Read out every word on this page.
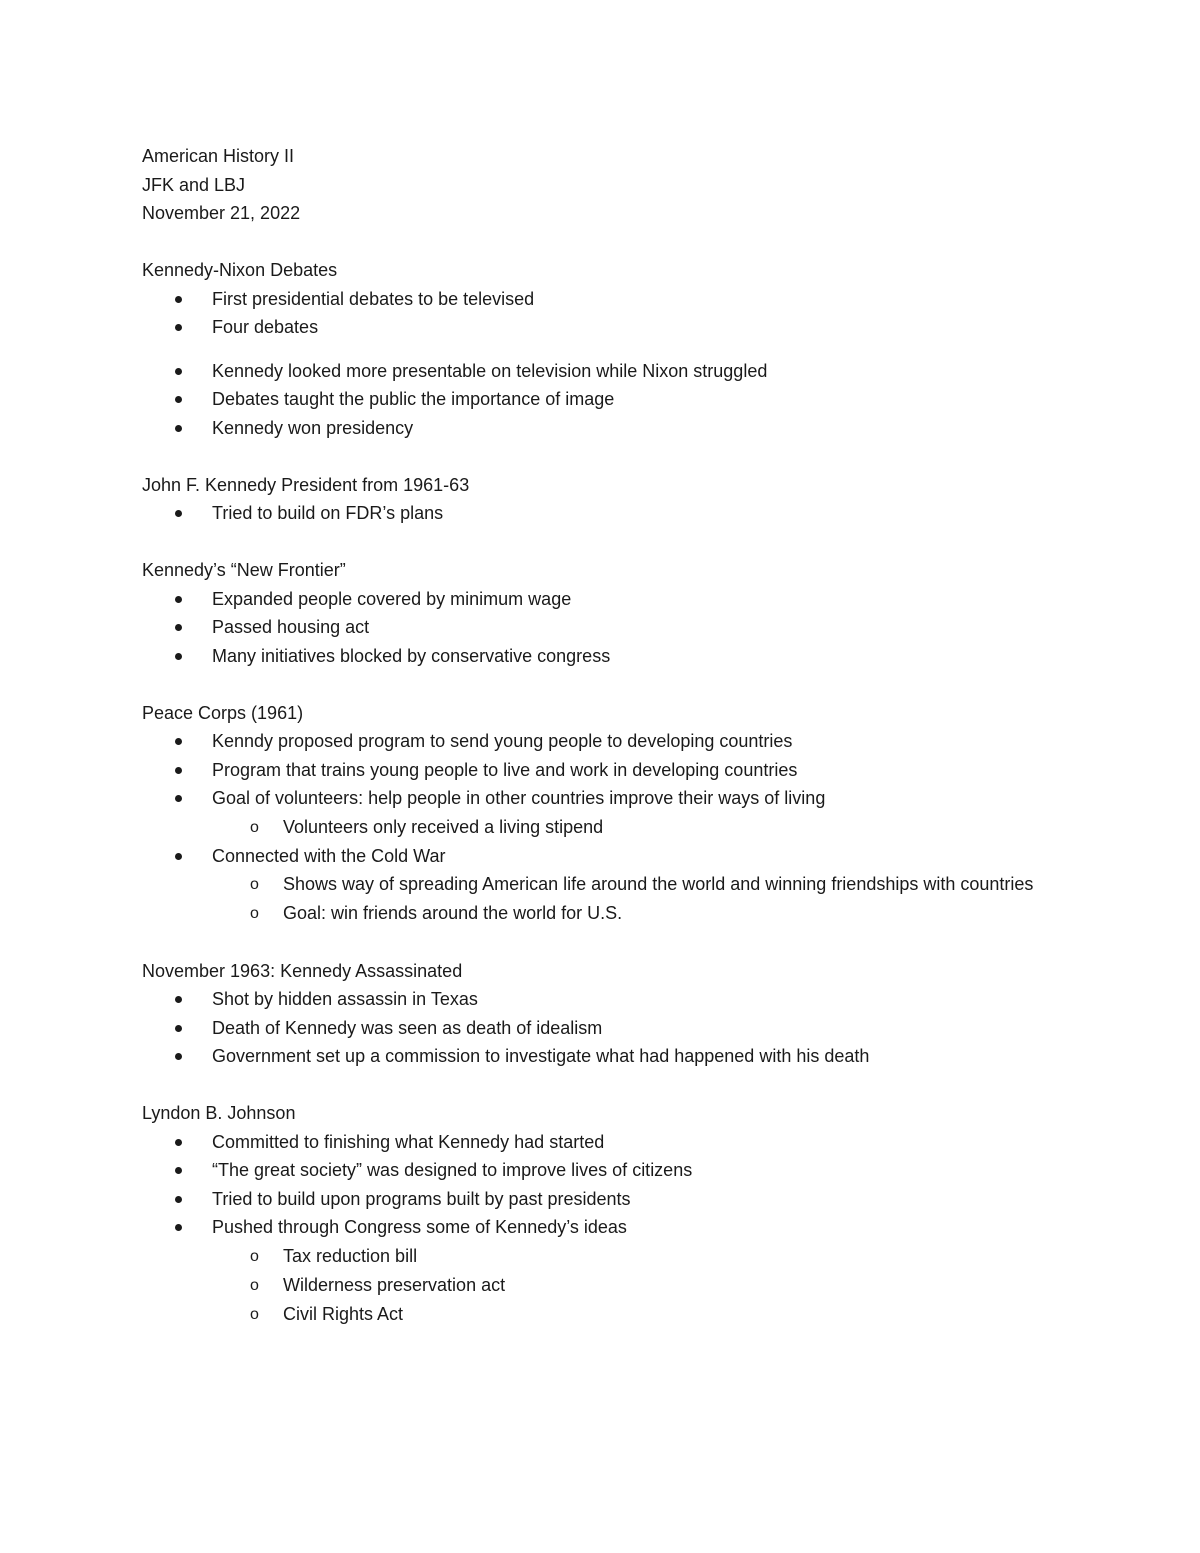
American History II
JFK and LBJ
November 21, 2022
Kennedy-Nixon Debates
First presidential debates to be televised
Four debates
Kennedy looked more presentable on television while Nixon struggled
Debates taught the public the importance of image
Kennedy won presidency
John F. Kennedy President from 1961-63
Tried to build on FDR’s plans
Kennedy’s “New Frontier”
Expanded people covered by minimum wage
Passed housing act
Many initiatives blocked by conservative congress
Peace Corps (1961)
Kenndy proposed program to send young people to developing countries
Program that trains young people to live and work in developing countries
Goal of volunteers: help people in other countries improve their ways of living
o Volunteers only received a living stipend
Connected with the Cold War
o Shows way of spreading American life around the world and winning friendships with countries
o Goal: win friends around the world for U.S.
November 1963: Kennedy Assassinated
Shot by hidden assassin in Texas
Death of Kennedy was seen as death of idealism
Government set up a commission to investigate what had happened with his death
Lyndon B. Johnson
Committed to finishing what Kennedy had started
“The great society” was designed to improve lives of citizens
Tried to build upon programs built by past presidents
Pushed through Congress some of Kennedy’s ideas
o Tax reduction bill
o Wilderness preservation act
o Civil Rights Act
